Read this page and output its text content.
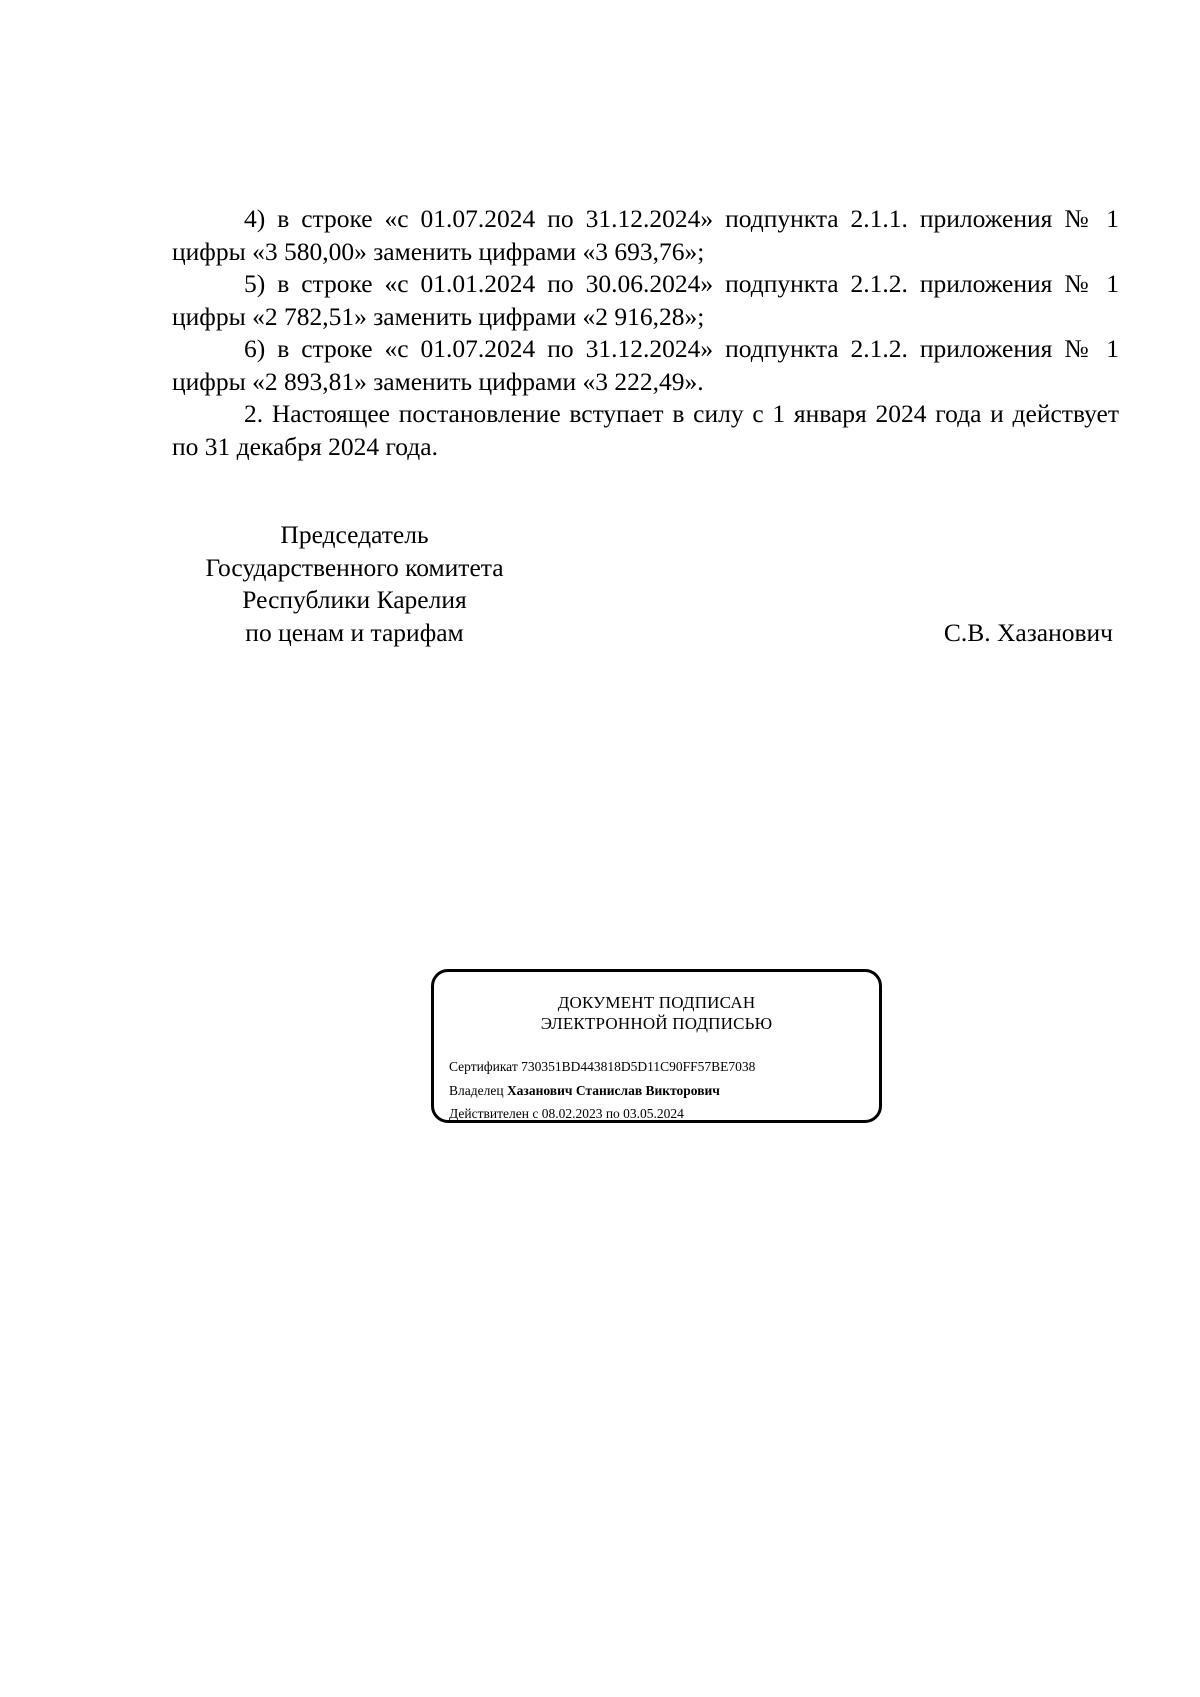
4) в строке «с 01.07.2024 по 31.12.2024» подпункта 2.1.1. приложения № 1 цифры «3 580,00» заменить цифрами «3 693,76»;

5) в строке «с 01.01.2024 по 30.06.2024» подпункта 2.1.2. приложения № 1 цифры «2 782,51» заменить цифрами «2 916,28»;

6) в строке «с 01.07.2024 по 31.12.2024» подпункта 2.1.2. приложения № 1 цифры «2 893,81» заменить цифрами «3 222,49».

2. Настоящее постановление вступает в силу с 1 января 2024 года и действует по 31 декабря 2024 года.

Председатель
Государственного комитета
Республики Карелия
по ценам и тарифам	С.В. Хазанович
ДОКУМЕНТ ПОДПИСАН
ЭЛЕКТРОННОЙ ПОДПИСЬЮ
Сертификат 730351BD443818D5D11C90FF57BE7038
Владелец Хазанович Станислав Викторович
Действителен с 08.02.2023 по 03.05.2024
